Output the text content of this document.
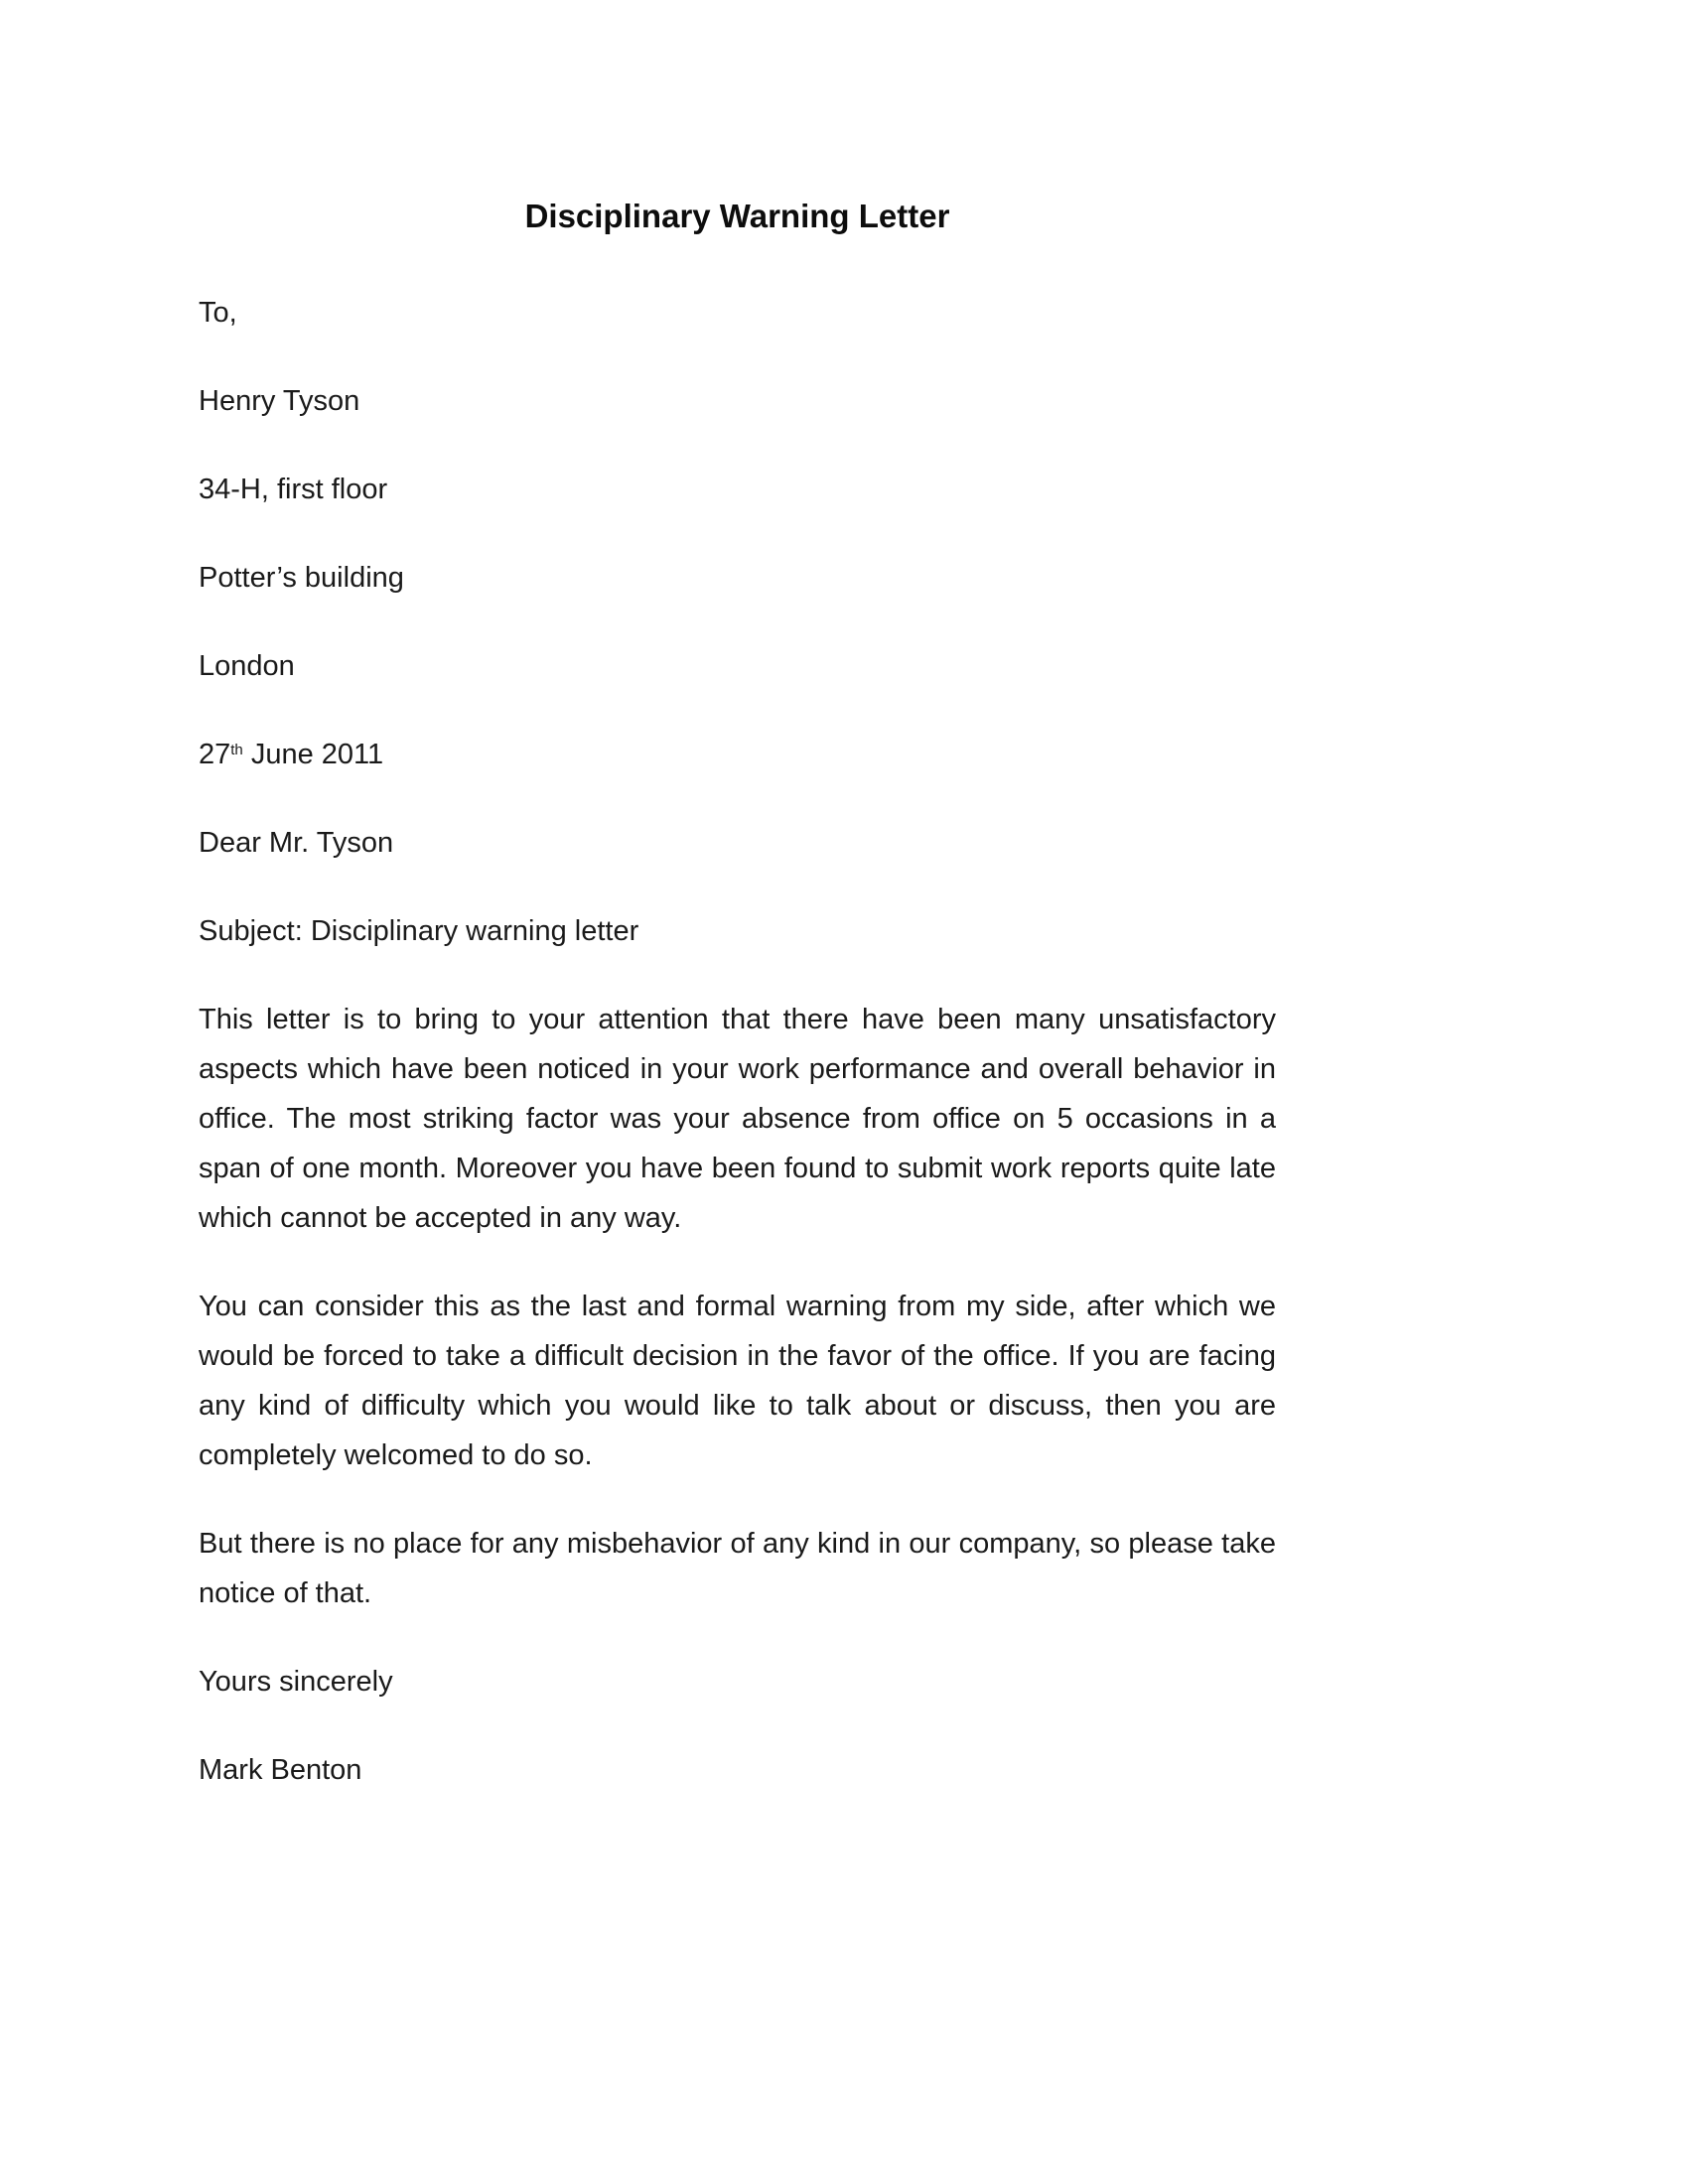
Disciplinary Warning Letter
To,
Henry Tyson
34-H, first floor
Potter’s building
London
27th June 2011
Dear Mr. Tyson
Subject: Disciplinary warning letter

This letter is to bring to your attention that there have been many unsatisfactory aspects which have been noticed in your work performance and overall behavior in office. The most striking factor was your absence from office on 5 occasions in a span of one month. Moreover you have been found to submit work reports quite late which cannot be accepted in any way.

You can consider this as the last and formal warning from my side, after which we would be forced to take a difficult decision in the favor of the office. If you are facing any kind of difficulty which you would like to talk about or discuss, then you are completely welcomed to do so.

But there is no place for any misbehavior of any kind in our company, so please take notice of that.

Yours sincerely
Mark Benton
